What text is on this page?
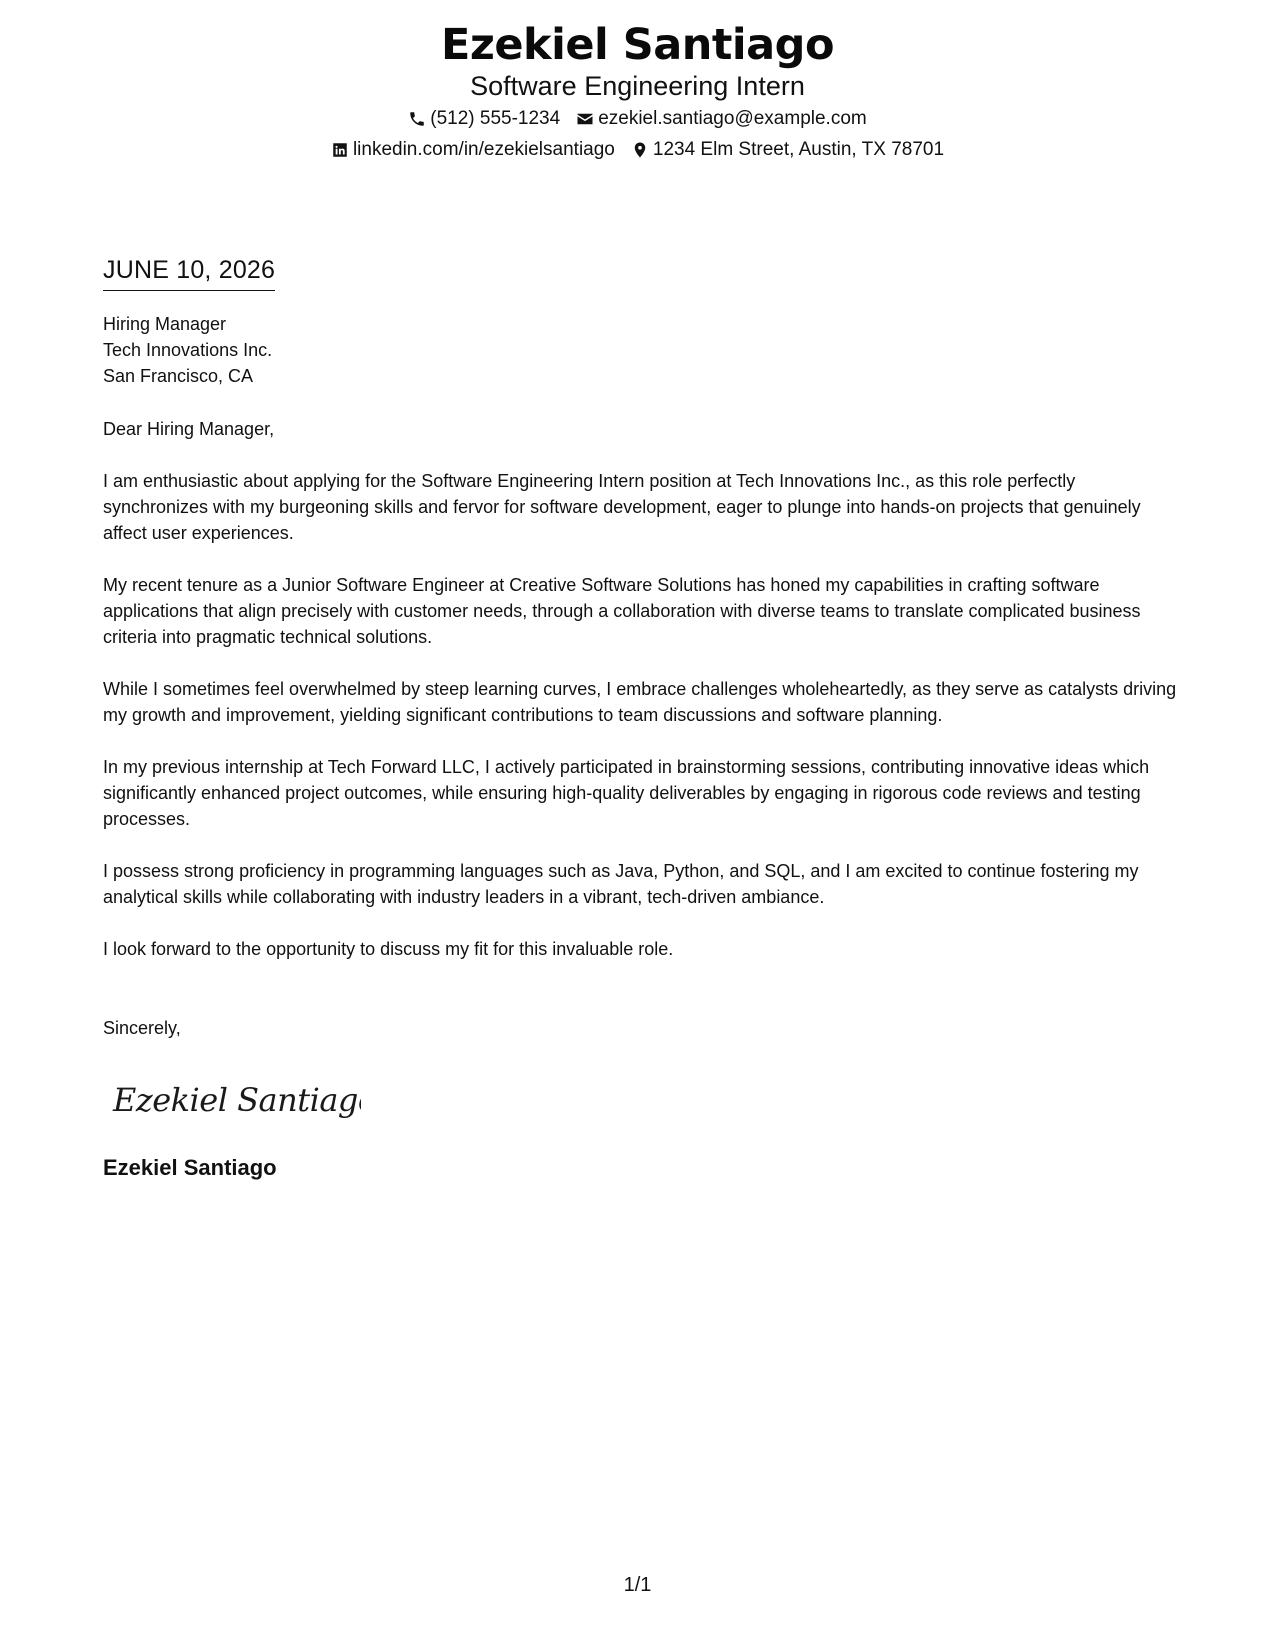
Ezekiel Santiago
Software Engineering Intern
(512) 555-1234 ezekiel.santiago@example.com
linkedin.com/in/ezekielsantiago 1234 Elm Street, Austin, TX 78701
JUNE 10, 2026
Hiring Manager
Tech Innovations Inc.
San Francisco, CA
Dear Hiring Manager,
I am enthusiastic about applying for the Software Engineering Intern position at Tech Innovations Inc., as this role perfectly synchronizes with my burgeoning skills and fervor for software development, eager to plunge into hands-on projects that genuinely affect user experiences.
My recent tenure as a Junior Software Engineer at Creative Software Solutions has honed my capabilities in crafting software applications that align precisely with customer needs, through a collaboration with diverse teams to translate complicated business criteria into pragmatic technical solutions.
While I sometimes feel overwhelmed by steep learning curves, I embrace challenges wholeheartedly, as they serve as catalysts driving my growth and improvement, yielding significant contributions to team discussions and software planning.
In my previous internship at Tech Forward LLC, I actively participated in brainstorming sessions, contributing innovative ideas which significantly enhanced project outcomes, while ensuring high-quality deliverables by engaging in rigorous code reviews and testing processes.
I possess strong proficiency in programming languages such as Java, Python, and SQL, and I am excited to continue fostering my analytical skills while collaborating with industry leaders in a vibrant, tech-driven ambiance.
I look forward to the opportunity to discuss my fit for this invaluable role.
Sincerely,
Ezekiel Santiago
Ezekiel Santiago
1/1
